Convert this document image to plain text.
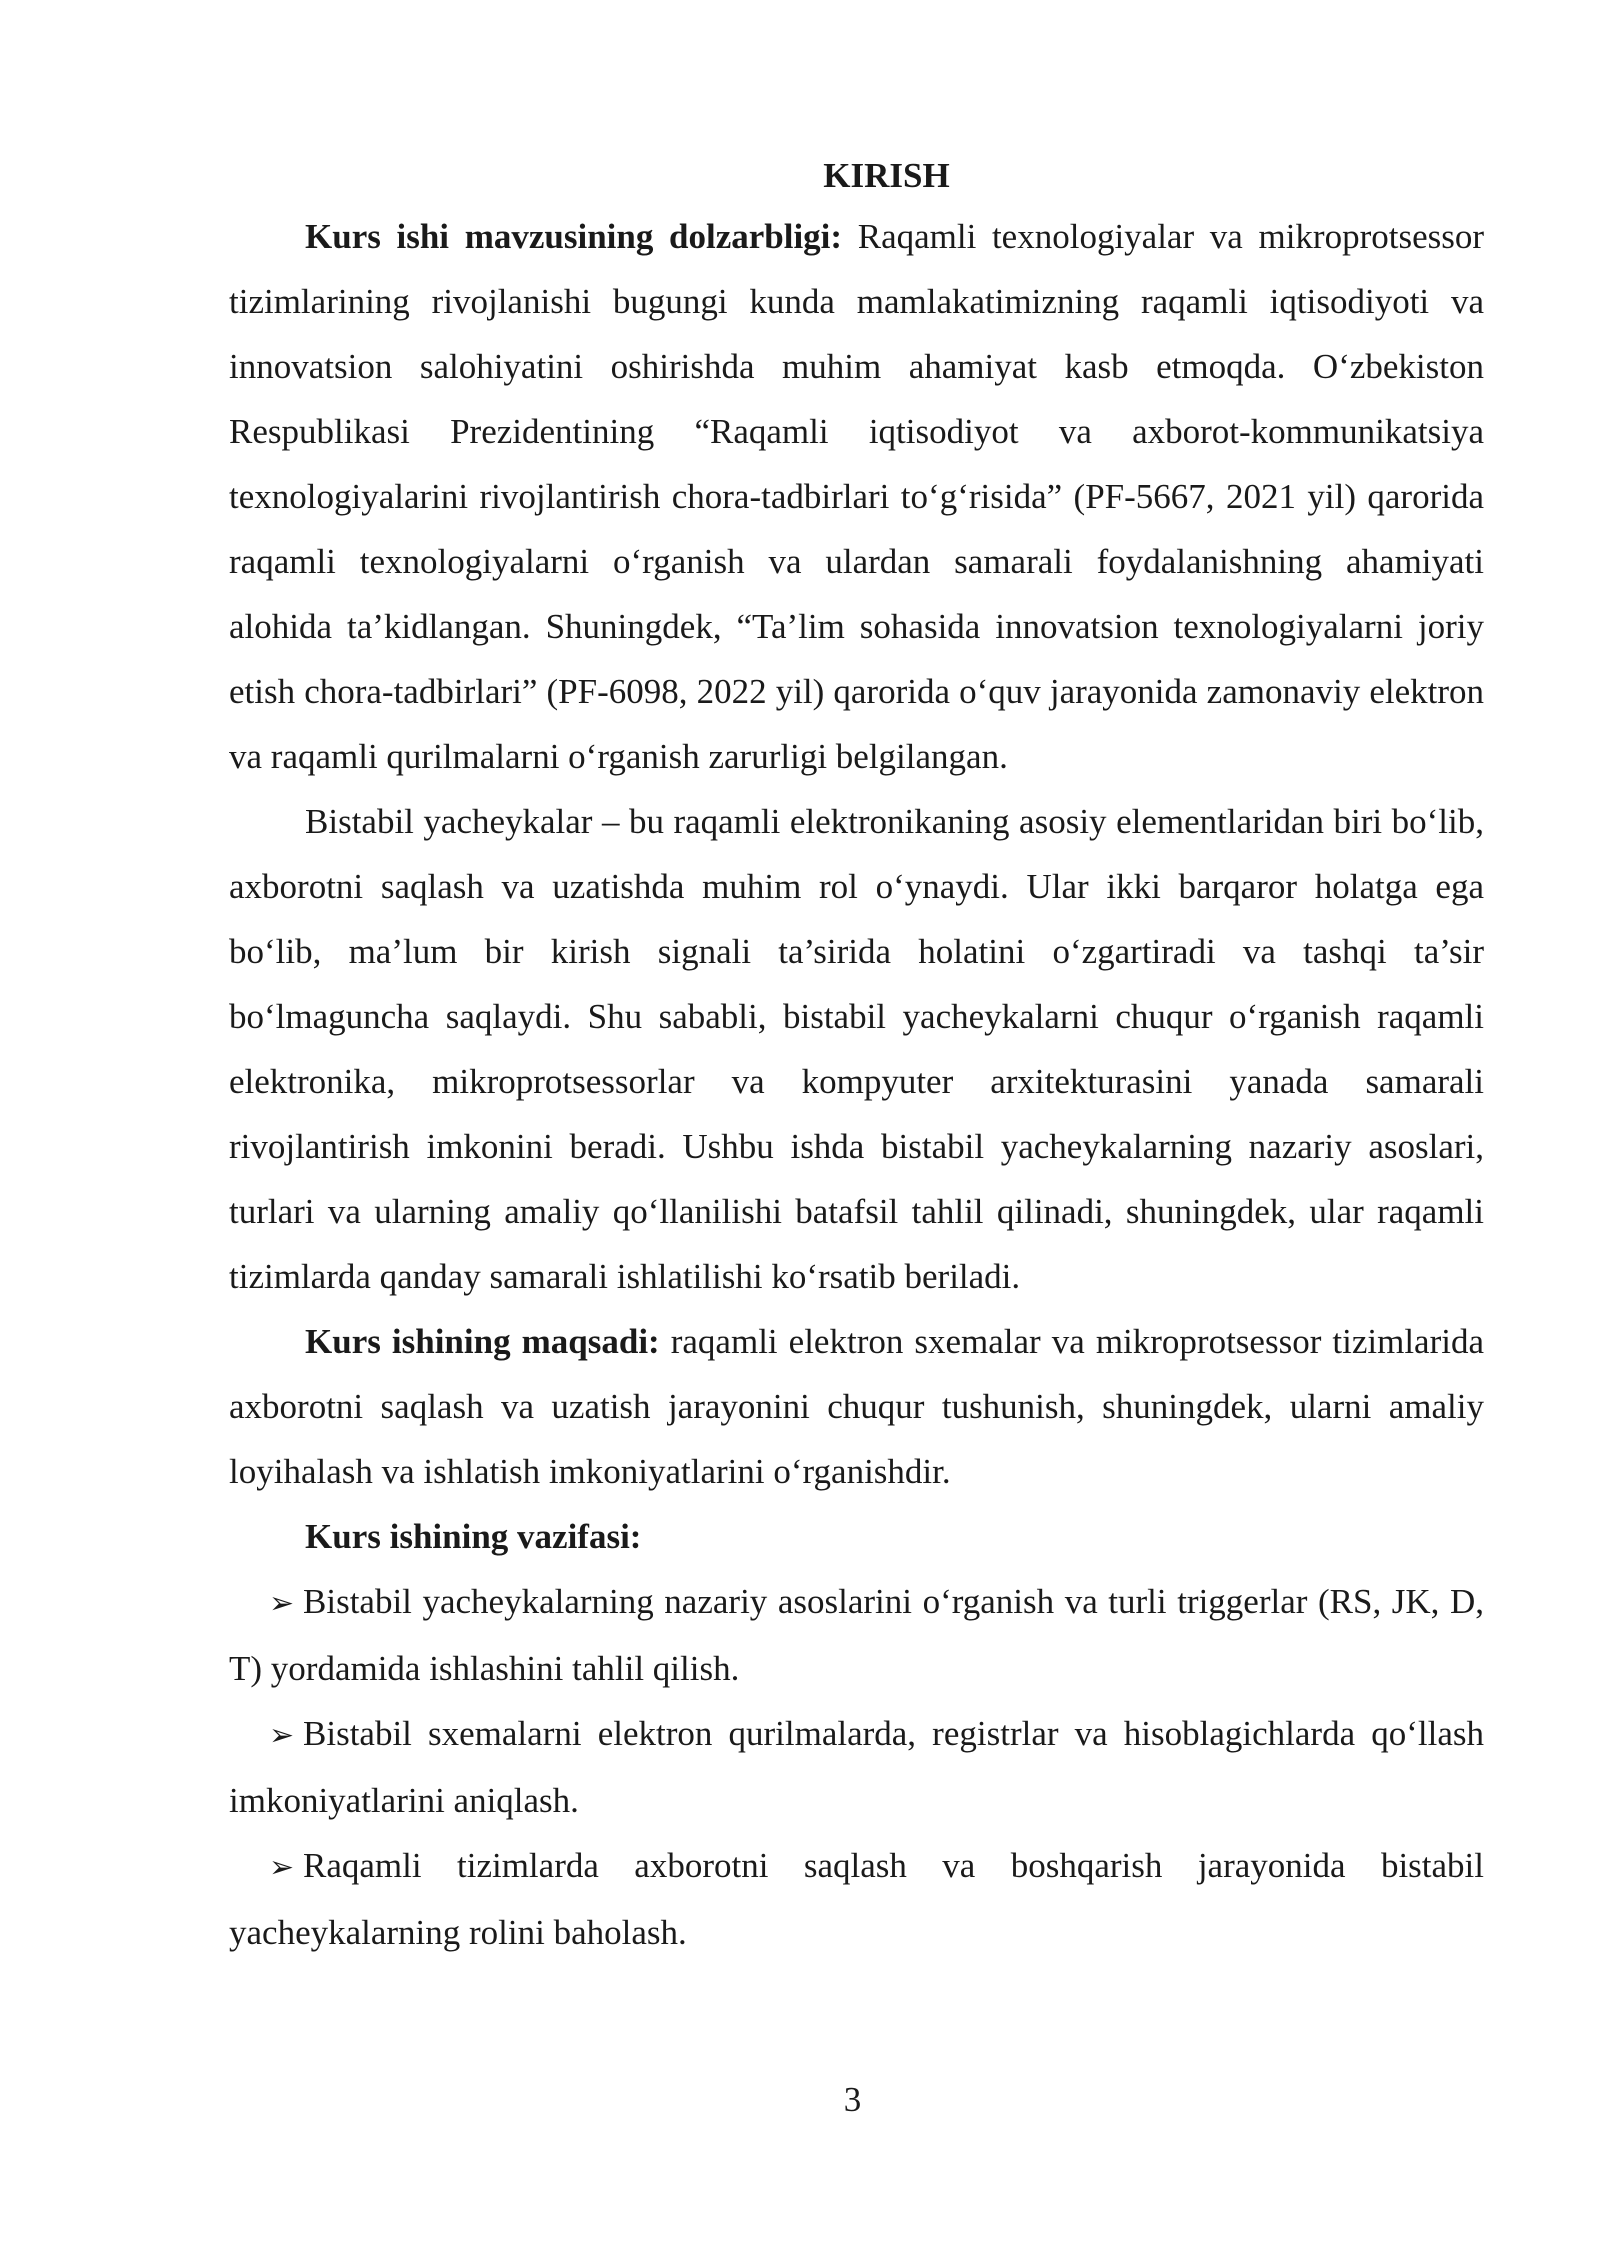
KIRISH

Kurs ishi mavzusining dolzarbligi: Raqamli texnologiyalar va mikroprotsessor tizimlarining rivojlanishi bugungi kunda mamlakatimizning raqamli iqtisodiyoti va innovatsion salohiyatini oshirishda muhim ahamiyat kasb etmoqda. O‘zbekiston Respublikasi Prezidentining “Raqamli iqtisodiyot va axborot-kommunikatsiya texnologiyalarini rivojlantirish chora-tadbirlari to‘g‘risida” (PF-5667, 2021 yil) qarorida raqamli texnologiyalarni o‘rganish va ulardan samarali foydalanishning ahamiyati alohida ta’kidlangan. Shuningdek, “Ta’lim sohasida innovatsion texnologiyalarni joriy etish chora-tadbirlari” (PF-6098, 2022 yil) qarorida o‘quv jarayonida zamonaviy elektron va raqamli qurilmalarni o‘rganish zarurligi belgilangan.

Bistabil yacheykalar – bu raqamli elektronikaning asosiy elementlaridan biri bo‘lib, axborotni saqlash va uzatishda muhim rol o‘ynaydi. Ular ikki barqaror holatga ega bo‘lib, ma’lum bir kirish signali ta’sirida holatini o‘zgartiradi va tashqi ta’sir bo‘lmaguncha saqlaydi. Shu sababli, bistabil yacheykalarni chuqur o‘rganish raqamli elektronika, mikroprotsessorlar va kompyuter arxitekturasini yanada samarali rivojlantirish imkonini beradi. Ushbu ishda bistabil yacheykalarning nazariy asoslari, turlari va ularning amaliy qo‘llanilishi batafsil tahlil qilinadi, shuningdek, ular raqamli tizimlarda qanday samarali ishlatilishi ko‘rsatib beriladi.

Kurs ishining maqsadi: raqamli elektron sxemalar va mikroprotsessor tizimlarida axborotni saqlash va uzatish jarayonini chuqur tushunish, shuningdek, ularni amaliy loyihalash va ishlatish imkoniyatlarini o‘rganishdir.

Kurs ishining vazifasi:

➢ Bistabil yacheykalarning nazariy asoslarini o‘rganish va turli triggerlar (RS, JK, D, T) yordamida ishlashini tahlil qilish.

➢ Bistabil sxemalarni elektron qurilmalarda, registrlar va hisoblagichlarda qo‘llash imkoniyatlarini aniqlash.

➢ Raqamli tizimlarda axborotni saqlash va boshqarish jarayonida bistabil yacheykalarning rolini baholash.

3
